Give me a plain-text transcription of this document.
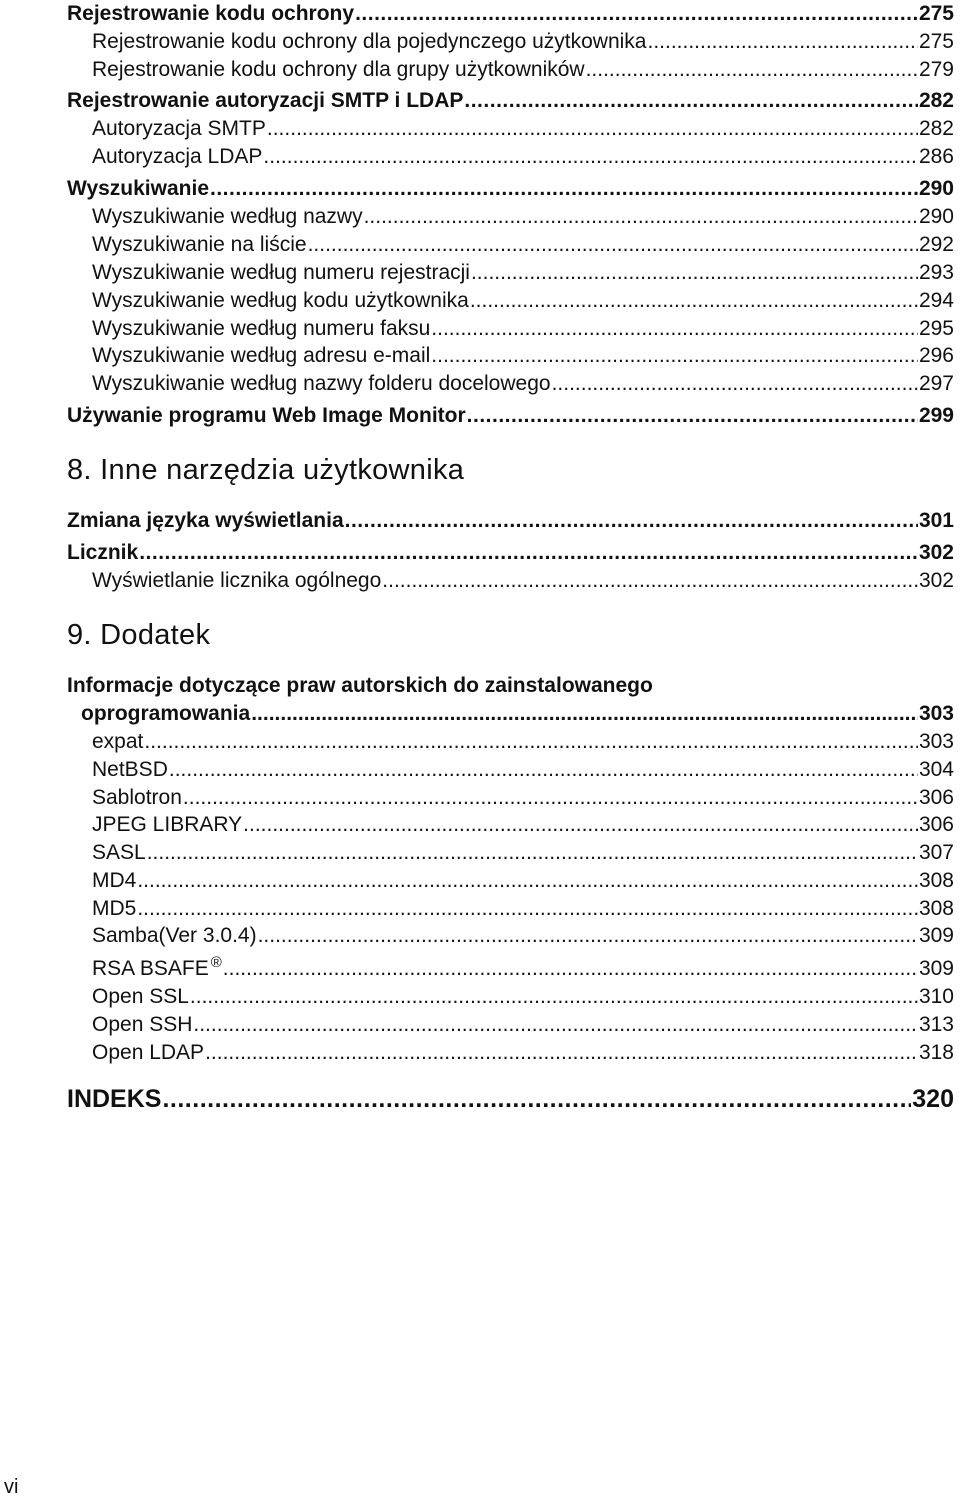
Rejestrowanie kodu ochrony .....	275
Rejestrowanie kodu ochrony dla pojedynczego użytkownika .....	275
Rejestrowanie kodu ochrony dla grupy użytkowników .....	279
Rejestrowanie autoryzacji SMTP i LDAP .....	282
Autoryzacja SMTP .....	282
Autoryzacja LDAP .....	286
Wyszukiwanie .....	290
Wyszukiwanie według nazwy .....	290
Wyszukiwanie na liście .....	292
Wyszukiwanie według numeru rejestracji .....	293
Wyszukiwanie według kodu użytkownika .....	294
Wyszukiwanie według numeru faksu .....	295
Wyszukiwanie według adresu e-mail .....	296
Wyszukiwanie według nazwy folderu docelowego .....	297
Używanie programu Web Image Monitor .....	299
8. Inne narzędzia użytkownika
Zmiana języka wyświetlania .....	301
Licznik .....	302
Wyświetlanie licznika ogólnego .....	302
9. Dodatek
Informacje dotyczące praw autorskich do zainstalowanego
oprogramowania .....	303
expat .....	303
NetBSD .....	304
Sablotron .....	306
JPEG LIBRARY .....	306
SASL .....	307
MD4 .....	308
MD5 .....	308
Samba(Ver 3.0.4) .....	309
RSA BSAFE ® .....	309
Open SSL .....	310
Open SSH .....	313
Open LDAP .....	318
INDEKS .....	320
vi
